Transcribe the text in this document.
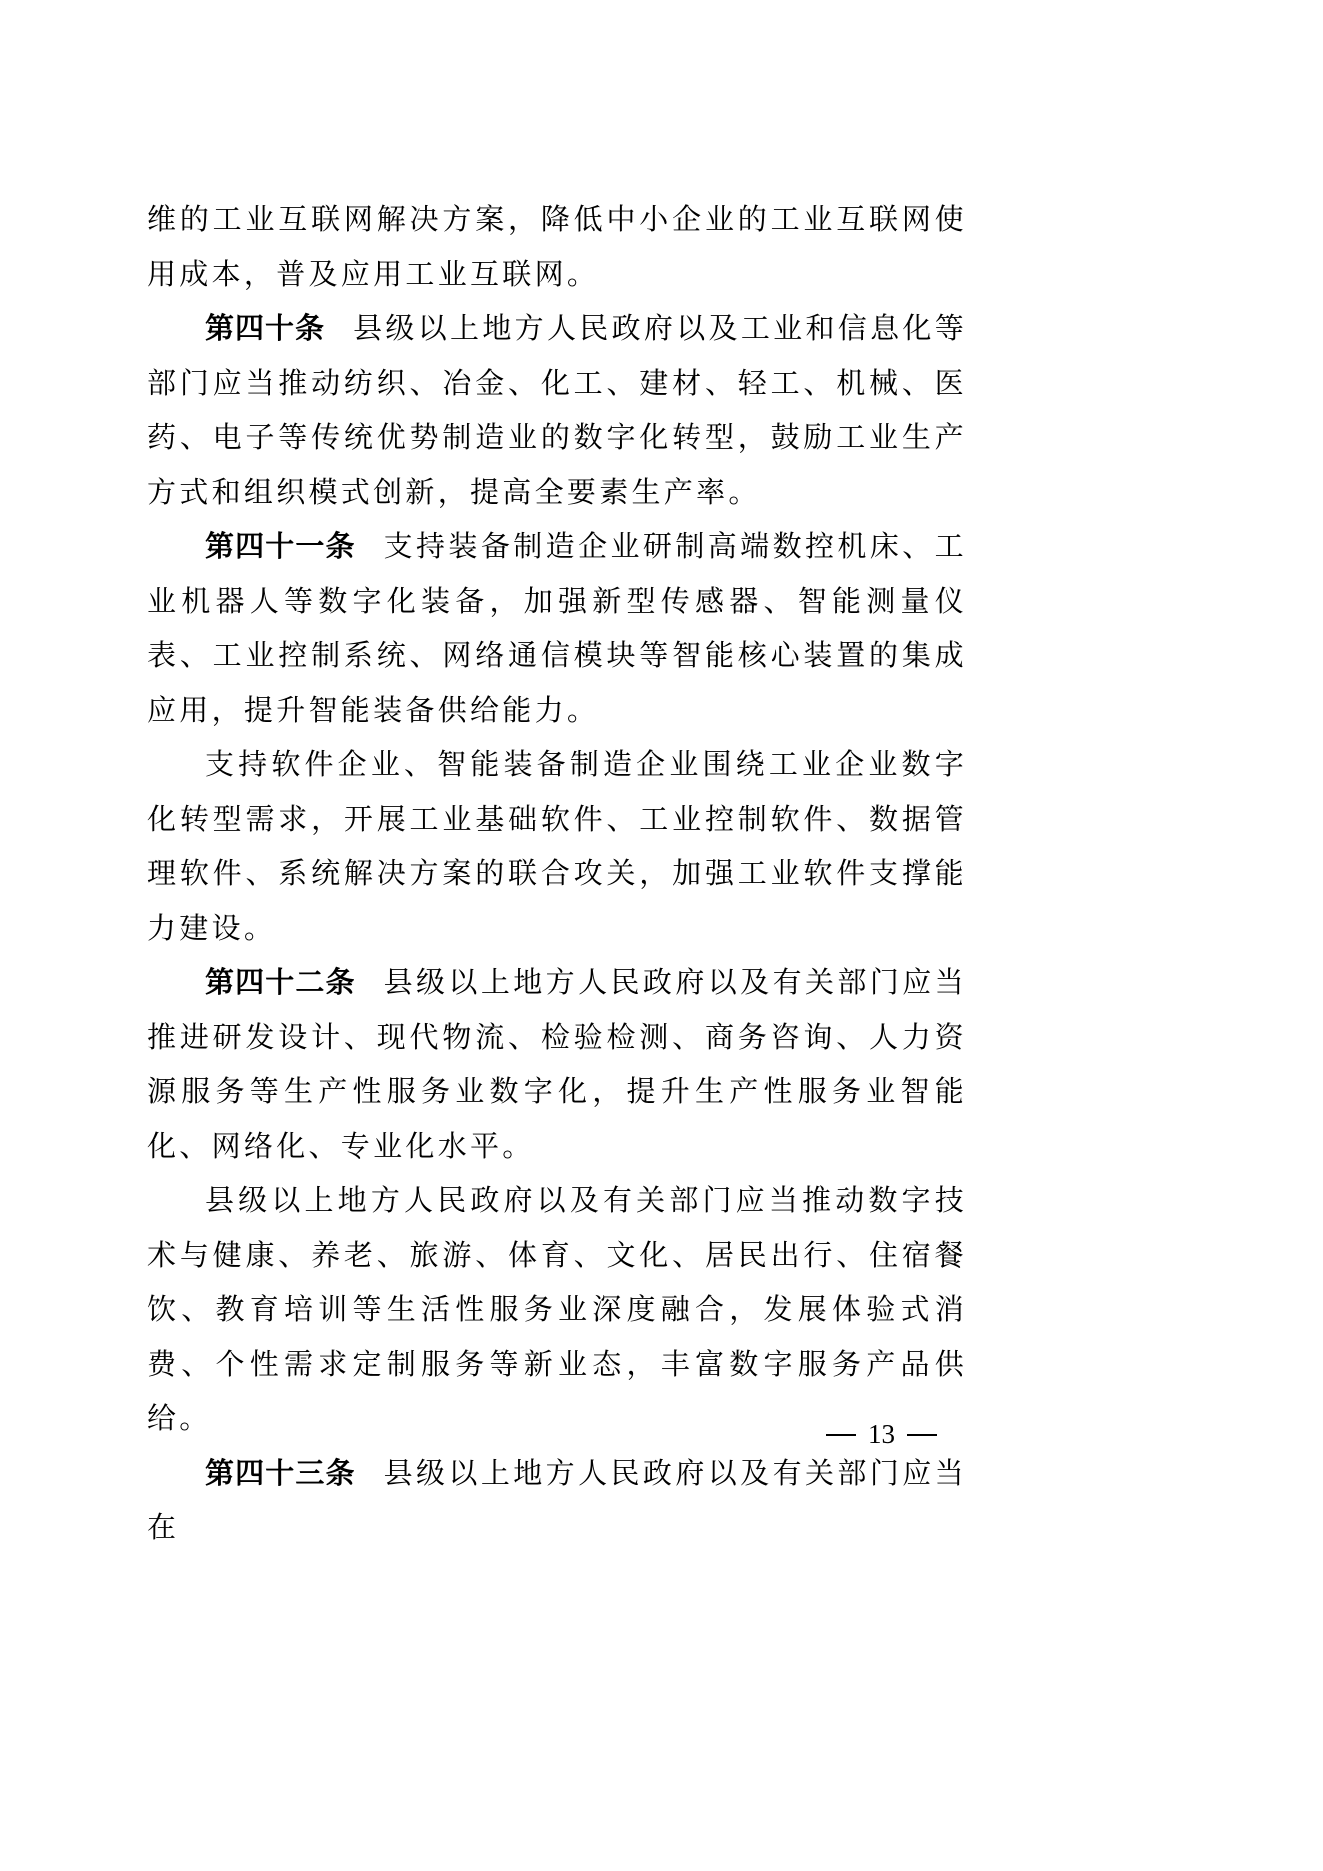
维的工业互联网解决方案，降低中小企业的工业互联网使用成本，普及应用工业互联网。

第四十条 县级以上地方人民政府以及工业和信息化等部门应当推动纺织、冶金、化工、建材、轻工、机械、医药、电子等传统优势制造业的数字化转型，鼓励工业生产方式和组织模式创新，提高全要素生产率。

第四十一条 支持装备制造企业研制高端数控机床、工业机器人等数字化装备，加强新型传感器、智能测量仪表、工业控制系统、网络通信模块等智能核心装置的集成应用，提升智能装备供给能力。

支持软件企业、智能装备制造企业围绕工业企业数字化转型需求，开展工业基础软件、工业控制软件、数据管理软件、系统解决方案的联合攻关，加强工业软件支撑能力建设。

第四十二条 县级以上地方人民政府以及有关部门应当推进研发设计、现代物流、检验检测、商务咨询、人力资源服务等生产性服务业数字化，提升生产性服务业智能化、网络化、专业化水平。

县级以上地方人民政府以及有关部门应当推动数字技术与健康、养老、旅游、体育、文化、居民出行、住宿餐饮、教育培训等生活性服务业深度融合，发展体验式消费、个性需求定制服务等新业态，丰富数字服务产品供给。

第四十三条 县级以上地方人民政府以及有关部门应当在

13
